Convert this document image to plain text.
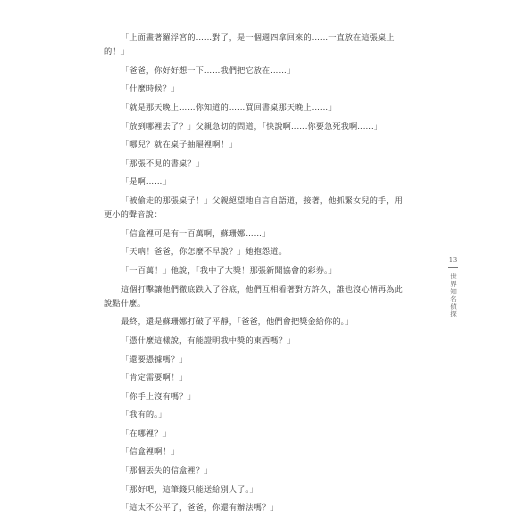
「上面畫著羅浮宮的……對了，是一個週四拿回來的……一直放在這張桌上的！」

「爸爸，你好好想一下……我們把它放在……」

「什麼時候？」

「就是那天晚上……你知道的……買回書桌那天晚上……」

「放到哪裡去了？」父親急切的問道，「快說啊……你要急死我啊……」

「哪兒？就在桌子抽屜裡啊！」

「那張不見的書桌？」

「是啊……」

「被偷走的那張桌子！」父親絕望地自言自語道，接著，他抓緊女兒的手，用更小的聲音說：

「信盒裡可是有一百萬啊，蘇珊娜……」

「天吶！爸爸，你怎麼不早說？」她抱怨道。

「一百萬！」他說，「我中了大獎！那張新聞協會的彩券。」

這個打擊讓他們徹底跌入了谷底，他們互相看著對方許久，誰也沒心情再為此說點什麼。

最終，還是蘇珊娜打破了平靜，「爸爸，他們會把獎金給你的。」

「憑什麼這樣說，有能證明我中獎的東西嗎？」

「還要憑據嗎？」

「肯定需要啊！」

「你手上沒有嗎？」

「我有的。」

「在哪裡？」

「信盒裡啊！」

「那個丟失的信盒裡？」

「那好吧，這筆錢只能送給別人了。」

「這太不公平了，爸爸，你還有辦法嗎？」

13
世界知名偵探
